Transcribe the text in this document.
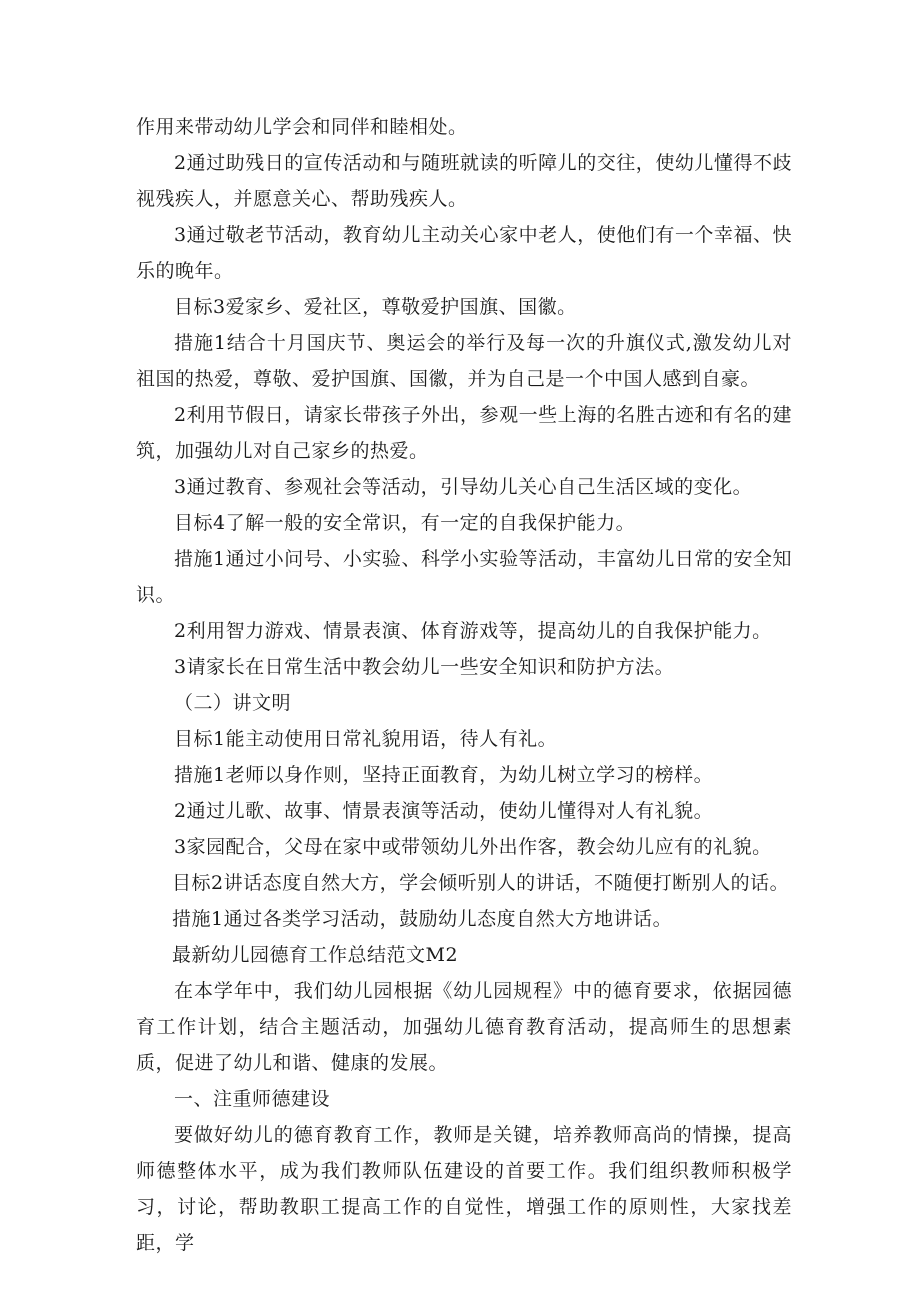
作用来带动幼儿学会和同伴和睦相处。

2通过助残日的宣传活动和与随班就读的听障儿的交往，使幼儿懂得不歧视残疾人，并愿意关心、帮助残疾人。

3通过敬老节活动，教育幼儿主动关心家中老人，使他们有一个幸福、快乐的晚年。

目标3爱家乡、爱社区，尊敬爱护国旗、国徽。

措施1结合十月国庆节、奥运会的举行及每一次的升旗仪式,激发幼儿对祖国的热爱，尊敬、爱护国旗、国徽，并为自己是一个中国人感到自豪。

2利用节假日，请家长带孩子外出，参观一些上海的名胜古迹和有名的建筑，加强幼儿对自己家乡的热爱。

3通过教育、参观社会等活动，引导幼儿关心自己生活区域的变化。

目标4了解一般的安全常识，有一定的自我保护能力。

措施1通过小问号、小实验、科学小实验等活动，丰富幼儿日常的安全知识。

2利用智力游戏、情景表演、体育游戏等，提高幼儿的自我保护能力。

3请家长在日常生活中教会幼儿一些安全知识和防护方法。

（二）讲文明

目标1能主动使用日常礼貌用语，待人有礼。

措施1老师以身作则，坚持正面教育，为幼儿树立学习的榜样。

2通过儿歌、故事、情景表演等活动，使幼儿懂得对人有礼貌。

3家园配合，父母在家中或带领幼儿外出作客，教会幼儿应有的礼貌。

目标2讲话态度自然大方，学会倾听别人的讲话，不随便打断别人的话。

措施1通过各类学习活动，鼓励幼儿态度自然大方地讲话。

最新幼儿园德育工作总结范文M2

在本学年中，我们幼儿园根据《幼儿园规程》中的德育要求，依据园德育工作计划，结合主题活动，加强幼儿德育教育活动，提高师生的思想素质，促进了幼儿和谐、健康的发展。

一、注重师德建设

要做好幼儿的德育教育工作，教师是关键，培养教师高尚的情操，提高师德整体水平，成为我们教师队伍建设的首要工作。我们组织教师积极学习，讨论，帮助教职工提高工作的自觉性，增强工作的原则性，大家找差距，学
